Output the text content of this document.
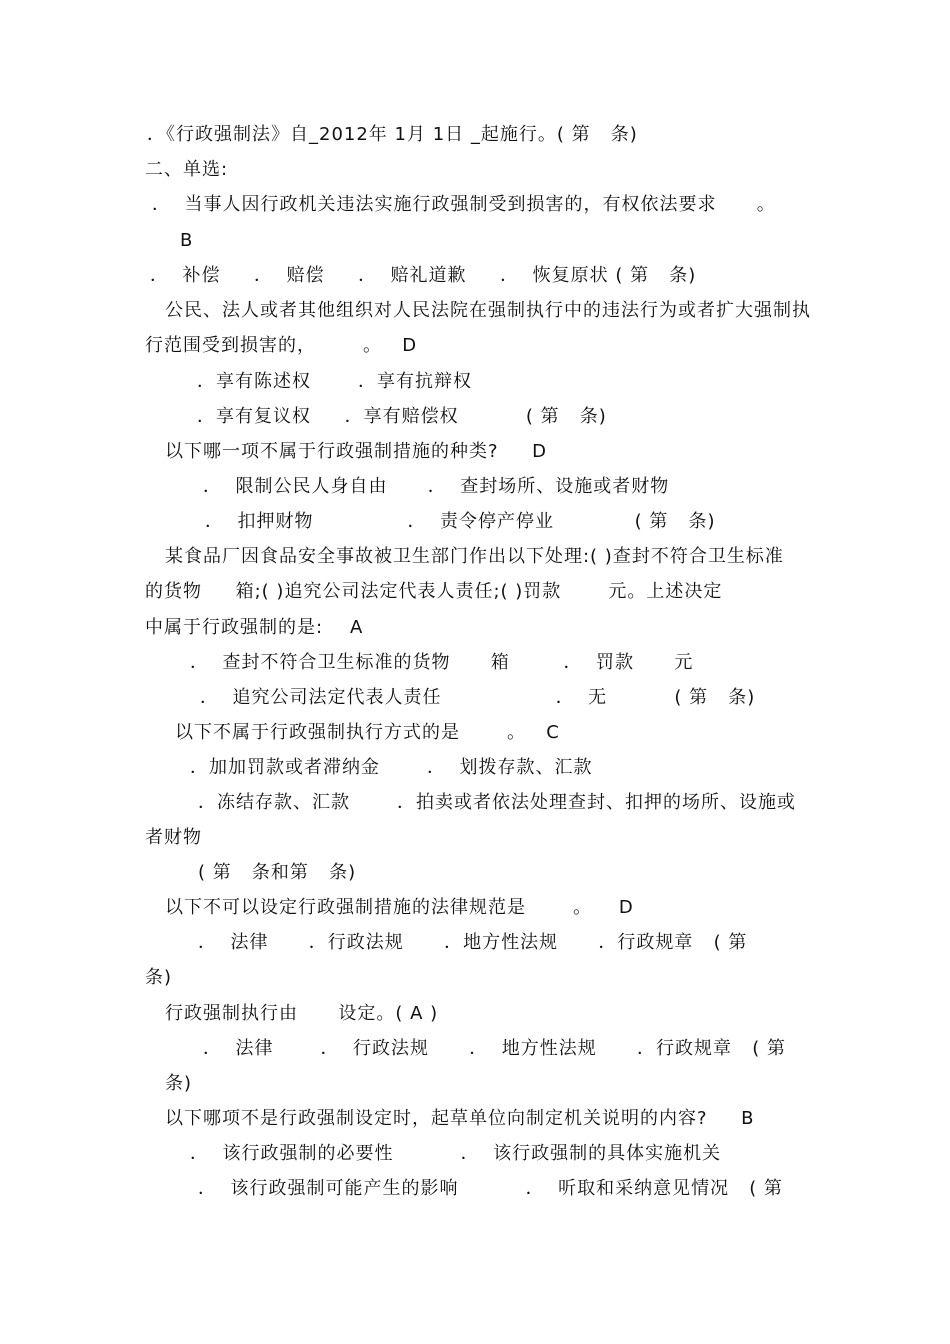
．《行政强制法》自_2012年 1月 1日 _起施行。( 第   条)
二、单选:
．  当事人因行政机关违法实施行政强制受到损害的，有权依法要求      。
B
．  补偿     ．  赔偿     ．  赔礼道歉     ．  恢复原状 ( 第   条)
公民、法人或者其他组织对人民法院在强制执行中的违法行为或者扩大强制执
行范围受到损害的，       。   D
．享有陈述权       ．享有抗辩权
．享有复议权     ．享有赔偿权          ( 第   条)
以下哪一项不属于行政强制措施的种类?     D
．  限制公民人身自由      ．  查封场所、设施或者财物
．  扣押财物              ．  责令停产停业            ( 第   条)
某食品厂因食品安全事故被卫生部门作出以下处理:( )查封不符合卫生标准
的货物     箱;( )追究公司法定代表人责任;( )罚款       元。上述决定
中属于行政强制的是:    A
．  查封不符合卫生标准的货物      箱        ．  罚款      元
．  追究公司法定代表人责任                 ．  无          ( 第   条)
以下不属于行政强制执行方式的是       。   C
．加加罚款或者滞纳金       ．  划拨存款、汇款
．冻结存款、汇款       ．拍卖或者依法处理查封、扣押的场所、设施或
者财物
( 第   条和第   条)
以下不可以设定行政强制措施的法律规范是       。    D
．  法律      ．行政法规      ．地方性法规      ．行政规章   ( 第
条)
行政强制执行由      设定。( A )
．  法律       ．  行政法规      ．  地方性法规      ．行政规章   ( 第
条)
以下哪项不是行政强制设定时，起草单位向制定机关说明的内容?     B
．  该行政强制的必要性          ．  该行政强制的具体实施机关
．  该行政强制可能产生的影响          ．  听取和采纳意见情况   ( 第
